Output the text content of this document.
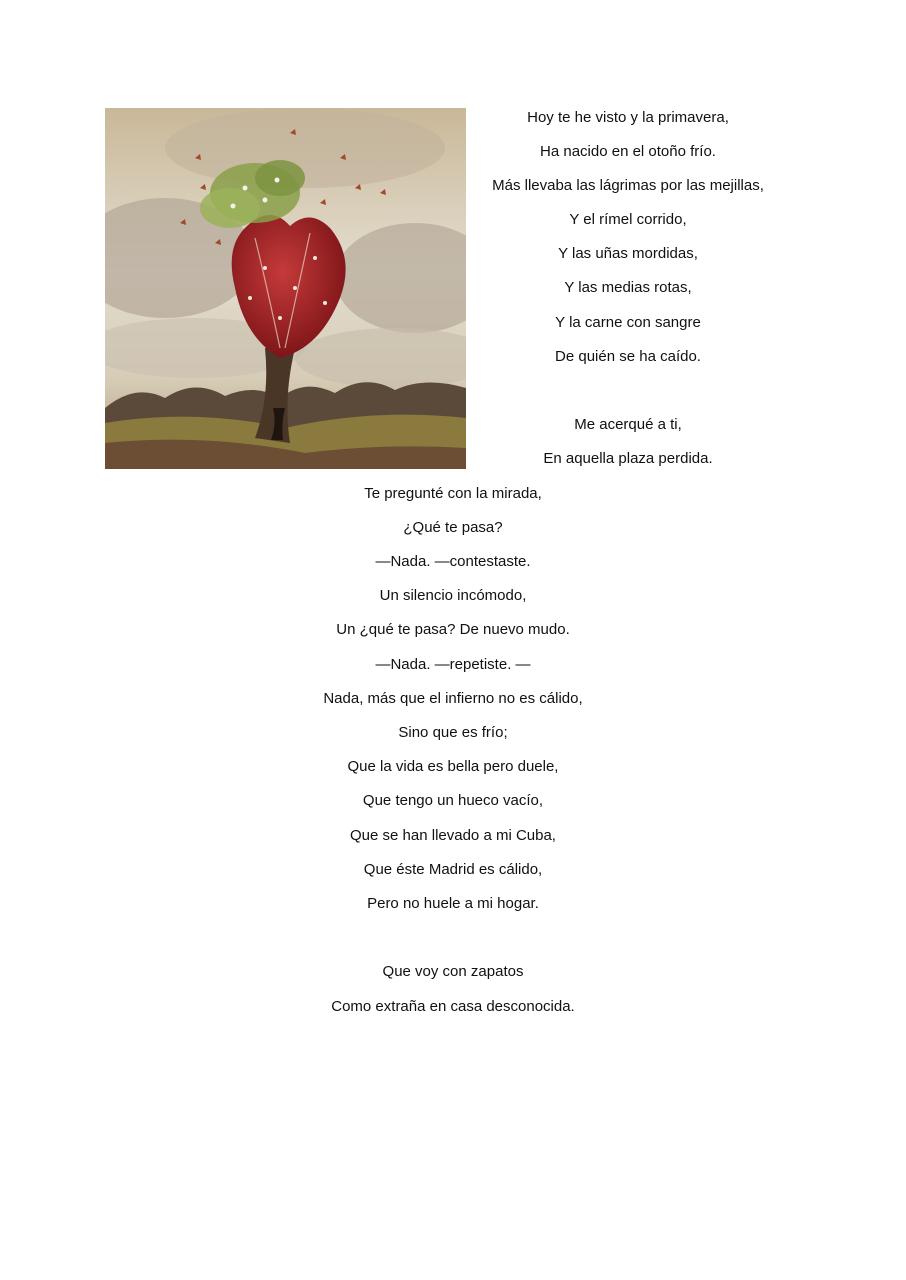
Hoy te he visto y la primavera,
Ha nacido en el otoño frío.
Más llevaba las lágrimas por las mejillas,
Y el rímel corrido,
Y las uñas mordidas,
Y las medias rotas,
Y la carne con sangre
De quién se ha caído.
Me acerqué a ti,
En aquella plaza perdida.
Te pregunté con la mirada,
¿Qué te pasa?
—Nada. —contestaste.
Un silencio incómodo,
Un ¿qué te pasa? De nuevo mudo.
—Nada. —repetiste. —
Nada, más que el infierno no es cálido,
Sino que es frío;
Que la vida es bella pero duele,
Que tengo un hueco vacío,
Que se han llevado a mi Cuba,
Que éste Madrid es cálido,
Pero no huele a mi hogar.
Que voy con zapatos
Como extraña en casa desconocida.
